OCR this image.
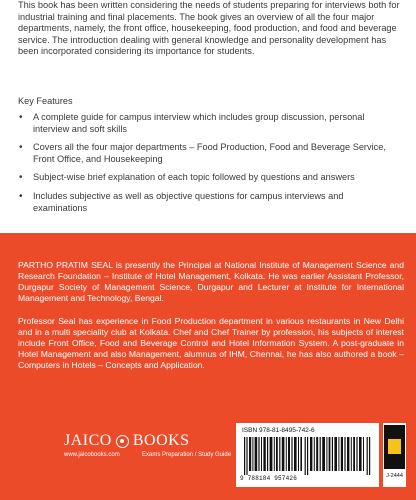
This book has been written considering the needs of students preparing for interviews both for industrial training and final placements. The book gives an overview of all the four major departments, namely, the front office, housekeeping, food production, and food and beverage service. The introduction dealing with general knowledge and personality development has been incorporated considering its importance for students.

Key Features

• A complete guide for campus interview which includes group discussion, personal interview and soft skills
• Covers all the four major departments – Food Production, Food and Beverage Service, Front Office, and Housekeeping
• Subject-wise brief explanation of each topic followed by questions and answers
• Includes subjective as well as objective questions for campus interviews and examinations

PARTHO PRATIM SEAL is presently the Principal at National Institute of Management Science and Research Foundation – Institute of Hotel Management, Kolkata. He was earlier Assistant Professor, Durgapur Society of Management Science, Durgapur and Lecturer at Institute for International Management and Technology, Bengal.

Professor Seal has experience in Food Production department in various restaurants in New Delhi and in a multi speciality club at Kolkata. Chef and Chef Trainer by profession, his subjects of interest include Front Office, Food and Beverage Control and Hotel Information System. A post-graduate in Hotel Management and also Management, alumnus of IHM, Chennai, he has also authored a book – Computers in Hotels – Concepts and Application.

JAICO BOOKS
www.jaicobooks.com	Exams Preparation / Study Guide
ISBN 978-81-8495-742-6
9 788184 957426	J-2444
